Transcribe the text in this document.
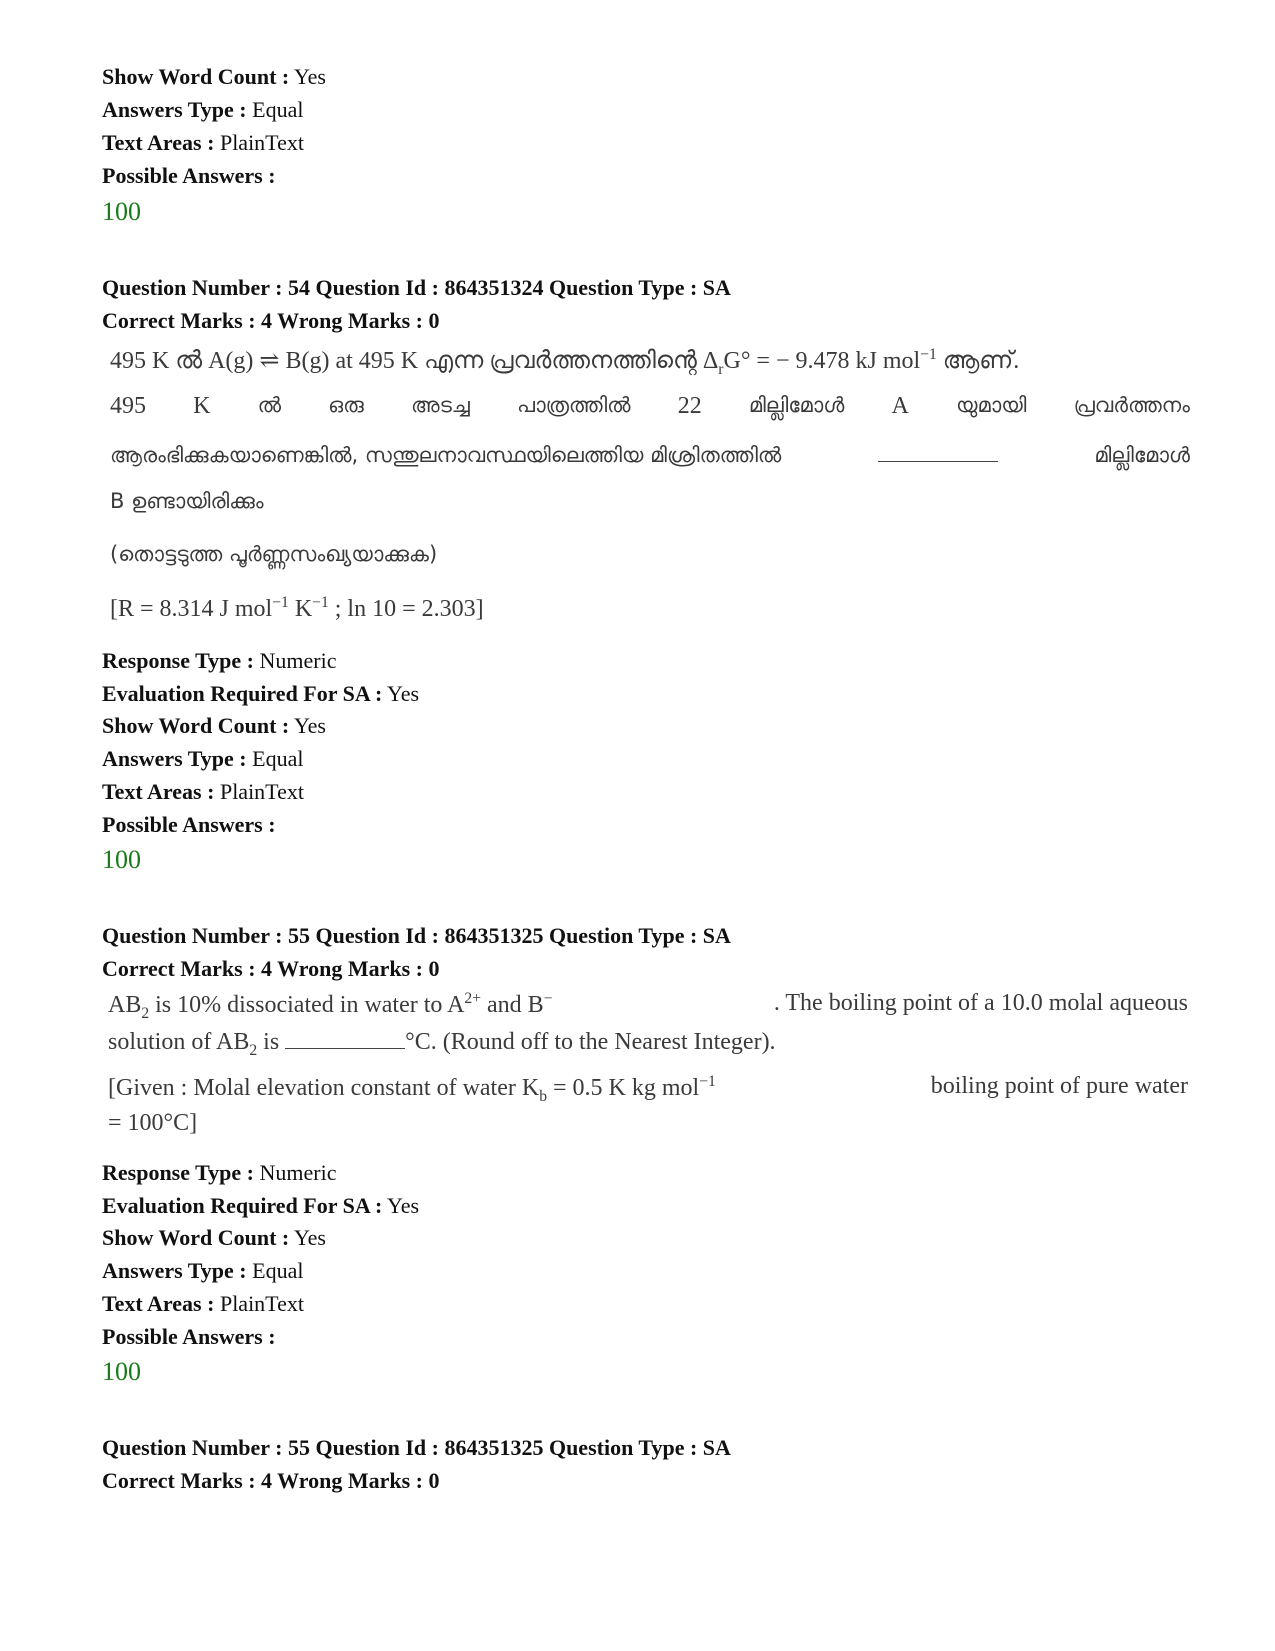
Show Word Count : Yes
Answers Type : Equal
Text Areas : PlainText
Possible Answers :
100
Question Number : 54 Question Id : 864351324 Question Type : SA
Correct Marks : 4 Wrong Marks : 0
495 K ൽ A(g) ⇌ B(g) at 495 K എന്ന പ്രവർത്തനത്തിന്റെ $\Delta_rG^\circ$ = − 9.478 kJ mol$^{-1}$ ആണ്.
495 K ൽ ഒരു അടച്ച പാത്രത്തിൽ 22 മില്ലിമോൾ A യുമായി പ്രവർത്തനം
ആരംഭിക്കുകയാണെങ്കിൽ, സന്തുലനാവസ്ഥയിലെത്തിയ മിശ്രിതത്തിൽ	മില്ലിമോൾ
B ഉണ്ടായിരിക്കും
(തൊട്ടടുത്ത പൂർണ്ണസംഖ്യയാക്കുക)
[R = 8.314 J mol$^{-1}$ $K^{-1}$ ; ln 10 = 2.303]
Response Type : Numeric
Evaluation Required For SA : Yes
Show Word Count : Yes
Answers Type : Equal
Text Areas : PlainText
Possible Answers :
100
Question Number : 55 Question Id : 864351325 Question Type : SA
Correct Marks : 4 Wrong Marks : 0
$AB_2$ is 10% dissociated in water to $A^{2+}$ and B−	. The boiling point of a 10.0 molal aqueous
solution of $AB_2$ is	°C. (Round off to the Nearest Integer).
[Given : Molal elevation constant of water $K_b = 0.5$ K kg mol$^{-1}$	boiling point of pure water
= 100°C]
Response Type : Numeric
Evaluation Required For SA : Yes
Show Word Count : Yes
Answers Type : Equal
Text Areas : PlainText
Possible Answers :
100
Question Number : 55 Question Id : 864351325 Question Type : SA
Correct Marks : 4 Wrong Marks : 0
